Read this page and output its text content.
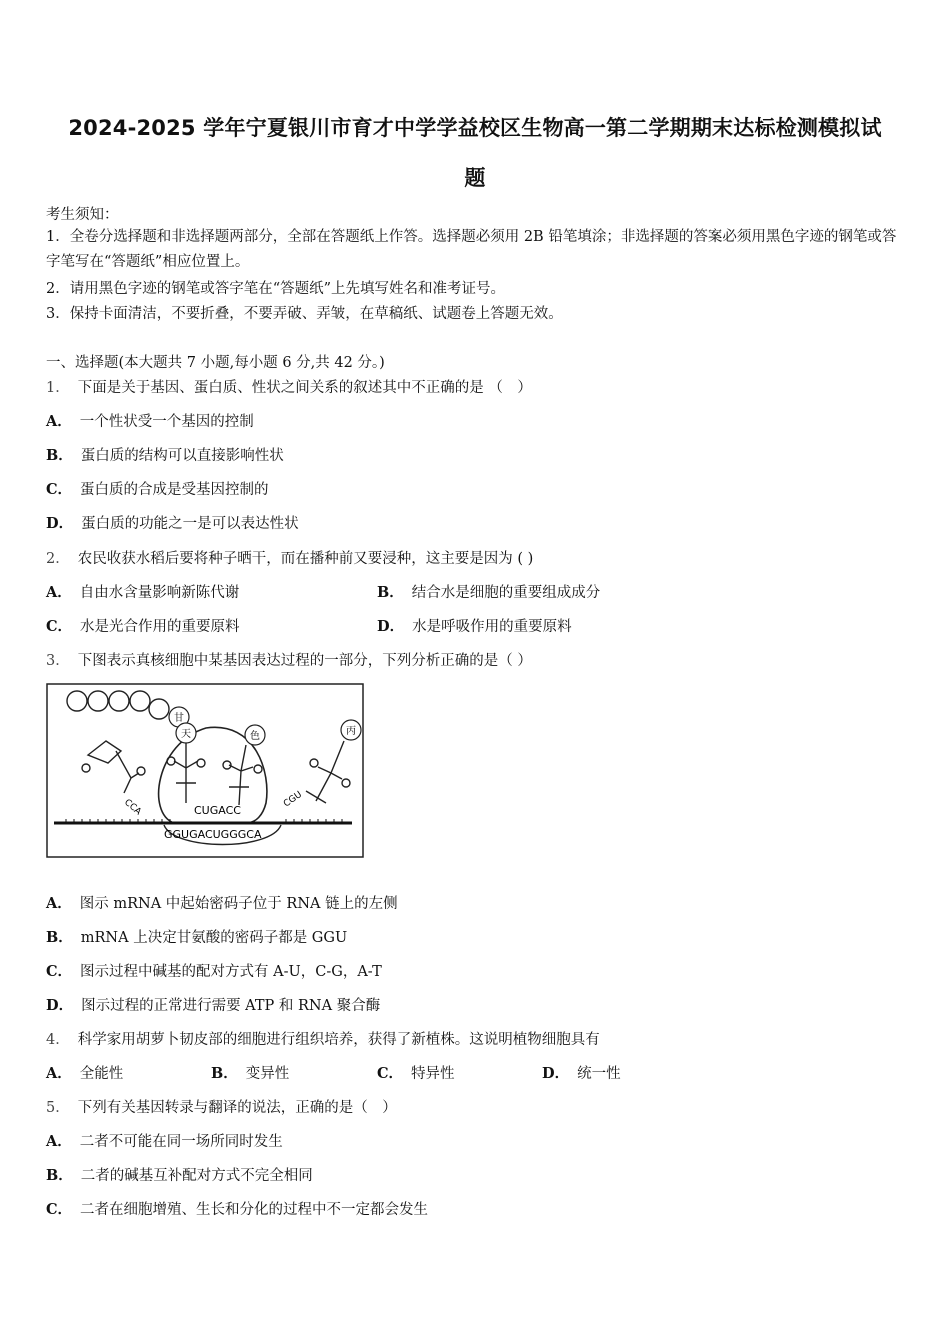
2024-2025 学年宁夏银川市育才中学学益校区生物高一第二学期期末达标检测模拟试
题
考生须知：
1．全卷分选择题和非选择题两部分，全部在答题纸上作答。选择题必须用 2B 铅笔填涂；非选择题的答案必须用黑色字迹的钢笔或答字笔写在“答题纸”相应位置上。
2．请用黑色字迹的钢笔或答字笔在“答题纸”上先填写姓名和准考证号。
3．保持卡面清洁，不要折叠，不要弄破、弄皱，在草稿纸、试题卷上答题无效。
一、选择题(本大题共 7 小题,每小题 6 分,共 42 分。)
1． 下面是关于基因、蛋白质、性状之间关系的叙述其中不正确的是 （　）
A． 一个性状受一个基因的控制
B． 蛋白质的结构可以直接影响性状
C． 蛋白质的合成是受基因控制的
D． 蛋白质的功能之一是可以表达性状
2． 农民收获水稻后要将种子晒干，而在播种前又要浸种，这主要是因为 ( )
A． 自由水含量影响新陈代谢	B． 结合水是细胞的重要组成成分
C． 水是光合作用的重要原料	D． 水是呼吸作用的重要原料
3． 下图表示真核细胞中某基因表达过程的一部分，下列分析正确的是（ ）
甘
天	色	丙
CCA	CGU
CUGACC
GGUGACUGGGCA
A． 图示 mRNA 中起始密码子位于 RNA 链上的左侧
B． mRNA 上决定甘氨酸的密码子都是 GGU
C． 图示过程中碱基的配对方式有 A-U，C-G，A-T
D． 图示过程的正常进行需要 ATP 和 RNA 聚合酶
4． 科学家用胡萝卜韧皮部的细胞进行组织培养，获得了新植株。这说明植物细胞具有
A． 全能性	B． 变异性	C． 特异性	D． 统一性
5． 下列有关基因转录与翻译的说法，正确的是（　）
A． 二者不可能在同一场所同时发生
B． 二者的碱基互补配对方式不完全相同
C． 二者在细胞增殖、生长和分化的过程中不一定都会发生
